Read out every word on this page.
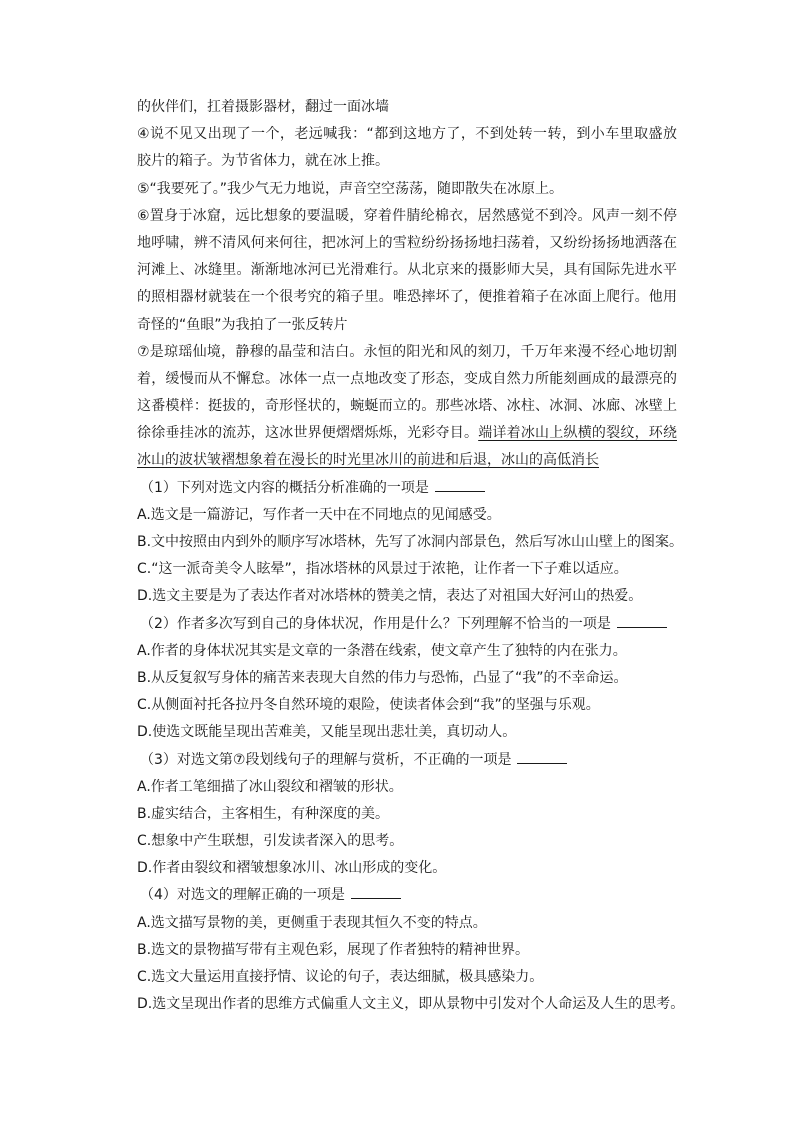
的伙伴们，扛着摄影器材，翻过一面冰墙
④说不见又出现了一个，老远喊我：“都到这地方了，不到处转一转，到小车里取盛放
胶片的箱子。为节省体力，就在冰上推。
⑤“我要死了。”我少气无力地说，声音空空荡荡，随即散失在冰原上。
⑥置身于冰窟，远比想象的要温暖，穿着件腈纶棉衣，居然感觉不到冷。风声一刻不停
地呼啸，辨不清风何来何往，把冰河上的雪粒纷纷扬扬地扫荡着，又纷纷扬扬地洒落在
河滩上、冰缝里。渐渐地冰河已光滑难行。从北京来的摄影师大吴，具有国际先进水平
的照相器材就装在一个很考究的箱子里。唯恐摔坏了，便推着箱子在冰面上爬行。他用
奇怪的“鱼眼”为我拍了一张反转片
⑦是琼瑶仙境，静穆的晶莹和洁白。永恒的阳光和风的刻刀，千万年来漫不经心地切割
着，缓慢而从不懈怠。冰体一点一点地改变了形态，变成自然力所能刻画成的最漂亮的
这番模样：挺拔的，奇形怪状的，蜿蜒而立的。那些冰塔、冰柱、冰洞、冰廊、冰壁上
徐徐垂挂冰的流苏，这冰世界便熠熠烁烁，光彩夺目。端详着冰山上纵横的裂纹，环绕
冰山的波状皱褶想象着在漫长的时光里冰川的前进和后退，冰山的高低消长
（1）下列对选文内容的概括分析准确的一项是
A.选文是一篇游记，写作者一天中在不同地点的见闻感受。
B.文中按照由内到外的顺序写冰塔林，先写了冰洞内部景色，然后写冰山山壁上的图案。
C.“这一派奇美令人眩晕”，指冰塔林的风景过于浓艳，让作者一下子难以适应。
D.选文主要是为了表达作者对冰塔林的赞美之情，表达了对祖国大好河山的热爱。
（2）作者多次写到自己的身体状况，作用是什么？下列理解不恰当的一项是
A.作者的身体状况其实是文章的一条潜在线索，使文章产生了独特的内在张力。
B.从反复叙写身体的痛苦来表现大自然的伟力与恐怖，凸显了“我”的不幸命运。
C.从侧面衬托各拉丹冬自然环境的艰险，使读者体会到“我”的坚强与乐观。
D.使选文既能呈现出苦难美，又能呈现出悲壮美，真切动人。
（3）对选文第⑦段划线句子的理解与赏析，不正确的一项是
A.作者工笔细描了冰山裂纹和褶皱的形状。
B.虚实结合，主客相生，有种深度的美。
C.想象中产生联想，引发读者深入的思考。
D.作者由裂纹和褶皱想象冰川、冰山形成的变化。
（4）对选文的理解正确的一项是
A.选文描写景物的美，更侧重于表现其恒久不变的特点。
B.选文的景物描写带有主观色彩，展现了作者独特的精神世界。
C.选文大量运用直接抒情、议论的句子，表达细腻，极具感染力。
D.选文呈现出作者的思维方式偏重人文主义，即从景物中引发对个人命运及人生的思考。
